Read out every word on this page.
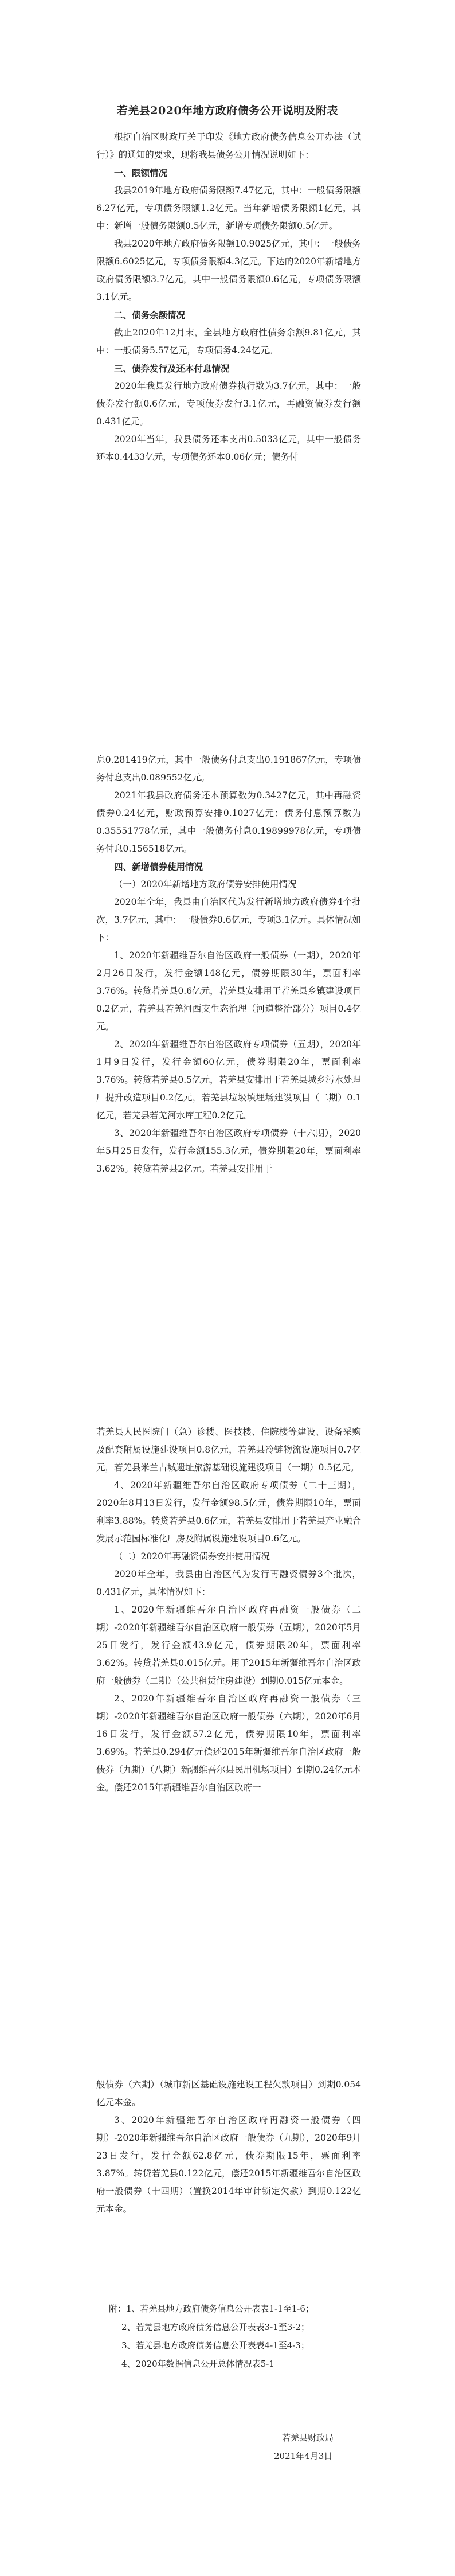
若羌县2020年地方政府债务公开说明及附表

根据自治区财政厅关于印发《地方政府债务信息公开办法（试行）》的通知的要求，现将我县债务公开情况说明如下：

一、限额情况

我县2019年地方政府债务限额7.47亿元，其中：一般债务限额6.27亿元，专项债务限额1.2亿元。当年新增债务限额1亿元，其中：新增一般债务限额0.5亿元，新增专项债务限额0.5亿元。

我县2020年地方政府债务限额10.9025亿元，其中：一般债务限额6.6025亿元，专项债务限额4.3亿元。下达的2020年新增地方政府债务限额3.7亿元，其中一般债务限额0.6亿元，专项债务限额3.1亿元。

二、债务余额情况

截止2020年12月末，全县地方政府性债务余额9.81亿元，其中：一般债务5.57亿元，专项债务4.24亿元。

三、债券发行及还本付息情况

2020年我县发行地方政府债券执行数为3.7亿元，其中：一般债券发行额0.6亿元，专项债券发行3.1亿元，再融资债券发行额0.431亿元。

2020年当年，我县债务还本支出0.5033亿元，其中一般债务还本0.4433亿元，专项债务还本0.06亿元；债务付

息0.281419亿元，其中一般债务付息支出0.191867亿元，专项债务付息支出0.089552亿元。

2021年我县政府债务还本预算数为0.3427亿元，其中再融资债券0.24亿元，财政预算安排0.1027亿元；债务付息预算数为0.35551778亿元，其中一般债务付息0.19899978亿元，专项债务付息0.156518亿元。

四、新增债券使用情况

（一）2020年新增地方政府债券安排使用情况

2020年全年，我县由自治区代为发行新增地方政府债券4个批次，3.7亿元，其中：一般债券0.6亿元，专项3.1亿元。具体情况如下：

1、2020年新疆维吾尔自治区政府一般债券（一期），2020年2月26日发行，发行金额148亿元，债券期限30年，票面利率3.76%。转贷若羌县0.6亿元，若羌县安排用于若羌县乡镇建设项目0.2亿元，若羌县若羌河西支生态治理（河道整治部分）项目0.4亿元。

2、2020年新疆维吾尔自治区政府专项债券（五期），2020年1月9日发行，发行金额60亿元，债券期限20年，票面利率3.76%。转贷若羌县0.5亿元，若羌县安排用于若羌县城乡污水处理厂提升改造项目0.2亿元，若羌县垃圾填埋场建设项目（二期）0.1亿元，若羌县若羌河水库工程0.2亿元。

3、2020年新疆维吾尔自治区政府专项债券（十六期），2020年5月25日发行，发行金额155.3亿元，债券期限20年，票面利率3.62%。转贷若羌县2亿元。若羌县安排用于

若羌县人民医院门（急）诊楼、医技楼、住院楼等建设、设备采购及配套附属设施建设项目0.8亿元，若羌县冷链物流设施项目0.7亿元，若羌县米兰古城遗址旅游基础设施建设项目（一期）0.5亿元。

4、2020年新疆维吾尔自治区政府专项债券（二十三期），2020年8月13日发行，发行金额98.5亿元，债券期限10年，票面利率3.88%。转贷若羌县0.6亿元，若羌县安排用于若羌县产业融合发展示范园标准化厂房及附属设施建设项目0.6亿元。

（二）2020年再融资债券安排使用情况

2020年全年，我县由自治区代为发行再融资债券3个批次，0.431亿元，具体情况如下：

1、2020年新疆维吾尔自治区政府再融资一般债券（二期）-2020年新疆维吾尔自治区政府一般债券（五期），2020年5月25日发行，发行金额43.9亿元，债券期限20年，票面利率3.62%。转贷若羌县0.015亿元。用于2015年新疆维吾尔自治区政府一般债券（二期）（公共租赁住房建设）到期0.015亿元本金。

2、2020年新疆维吾尔自治区政府再融资一般债券（三期）-2020年新疆维吾尔自治区政府一般债券（六期），2020年6月16日发行，发行金额57.2亿元，债券期限10年，票面利率3.69%。若羌县0.294亿元偿还2015年新疆维吾尔自治区政府一般债券（九期）（八期）新疆维吾尔县民用机场项目）到期0.24亿元本金。偿还2015年新疆维吾尔自治区政府一

般债券（六期）（城市新区基础设施建设工程欠款项目）到期0.054亿元本金。

3、2020年新疆维吾尔自治区政府再融资一般债券（四期）-2020年新疆维吾尔自治区政府一般债券（九期），2020年9月23日发行，发行金额62.8亿元，债券期限15年，票面利率3.87%。转贷若羌县0.122亿元，偿还2015年新疆维吾尔自治区政府一般债券（十四期）（置换2014年审计锁定欠款）到期0.122亿元本金。

附：1、若羌县地方政府债务信息公开表表1-1至1-6；

2、若羌县地方政府债务信息公开表表3-1至3-2；

3、若羌县地方政府债务信息公开表表4-1至4-3；

4、2020年数据信息公开总体情况表5-1

若羌县财政局

2021年4月3日
